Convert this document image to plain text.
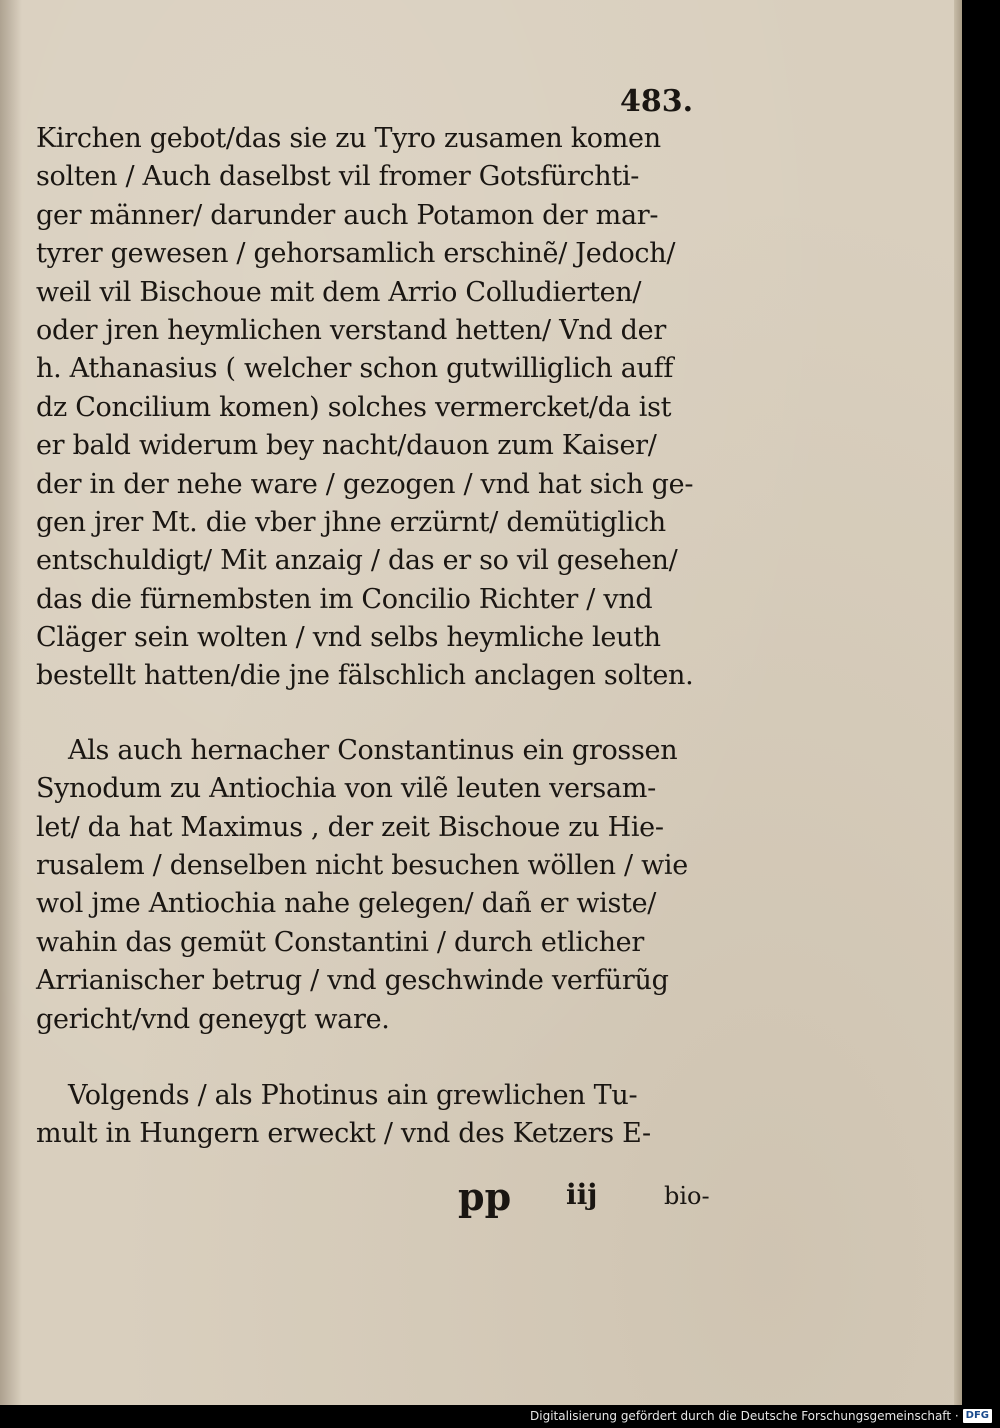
483.
Kirchen gebot/das sie zu Tyro zusamen komen
solten / Auch daselbst vil fromer Gotsfürchti-
ger männer/ darunder auch Potamon der mar-
tyrer gewesen / gehorsamlich erschinẽ/ Jedoch/
weil vil Bischoue mit dem Arrio Colludierten/
oder jren heymlichen verstand hetten/ Vnd der
h. Athanasius ( welcher schon gutwilliglich auff
dz Concilium komen) solches vermercket/da ist
er bald widerum bey nacht/dauon zum Kaiser/
der in der nehe ware / gezogen / vnd hat sich ge-
gen jrer Mt. die vber jhne erzürnt/ demütiglich
entschuldigt/ Mit anzaig / das er so vil gesehen/
das die fürnembsten im Concilio Richter / vnd
Cläger sein wolten / vnd selbs heymliche leuth
bestellt hatten/die jne fälschlich anclagen solten.
Als auch hernacher Constantinus ein grossen
Synodum zu Antiochia von vilẽ leuten versam-
let/ da hat Maximus , der zeit Bischoue zu Hie-
rusalem / denselben nicht besuchen wöllen / wie
wol jme Antiochia nahe gelegen/ dañ er wiste/
wahin das gemüt Constantini / durch etlicher
Arrianischer betrug / vnd geschwinde verfürũg
gericht/vnd geneygt ware.
Volgends / als Photinus ain grewlichen Tu-
mult in Hungern erweckt / vnd des Ketzers E-
pp iij	bio-
Digitalisierung gefördert durch die Deutsche Forschungsgemeinschaft · DFG
